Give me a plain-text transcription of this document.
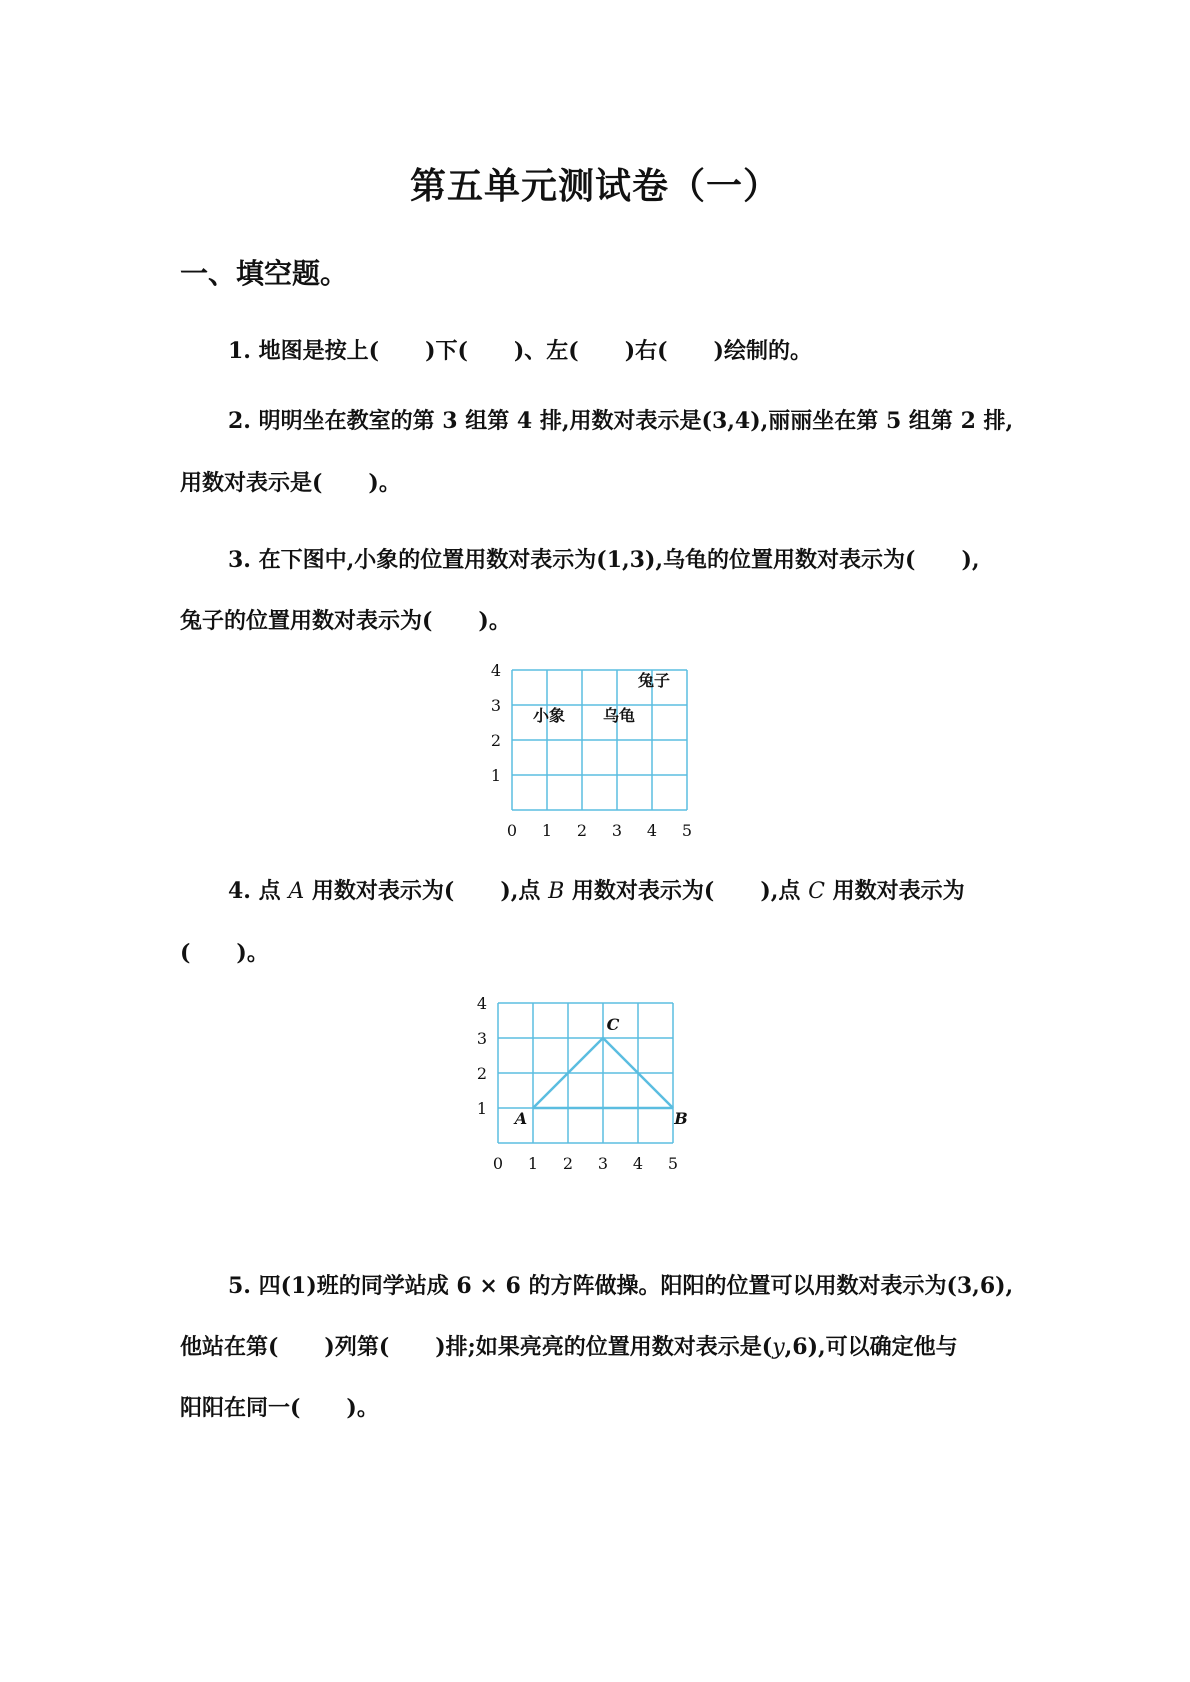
第五单元测试卷（一）
一、填空题。
1. 地图是按上( )下( )、左( )右( )绘制的。
2. 明明坐在教室的第 3 组第 4 排,用数对表示是(3,4),丽丽坐在第 5 组第 2 排,
用数对表示是( )。
3. 在下图中,小象的位置用数对表示为(1,3),乌龟的位置用数对表示为( ),
兔子的位置用数对表示为( )。
0 1 2 3 4 5
1
2
3
4
小象 乌龟
兔子
4. 点 A 用数对表示为( ),点 B 用数对表示为( ),点 C 用数对表示为
( )。
0 1 2 3 4 5
1
2
3
4
A
C
B
5. 四(1)班的同学站成 6 × 6 的方阵做操。阳阳的位置可以用数对表示为(3,6),
他站在第( )列第( )排;如果亮亮的位置用数对表示是(y,6),可以确定他与
阳阳在同一( )。
